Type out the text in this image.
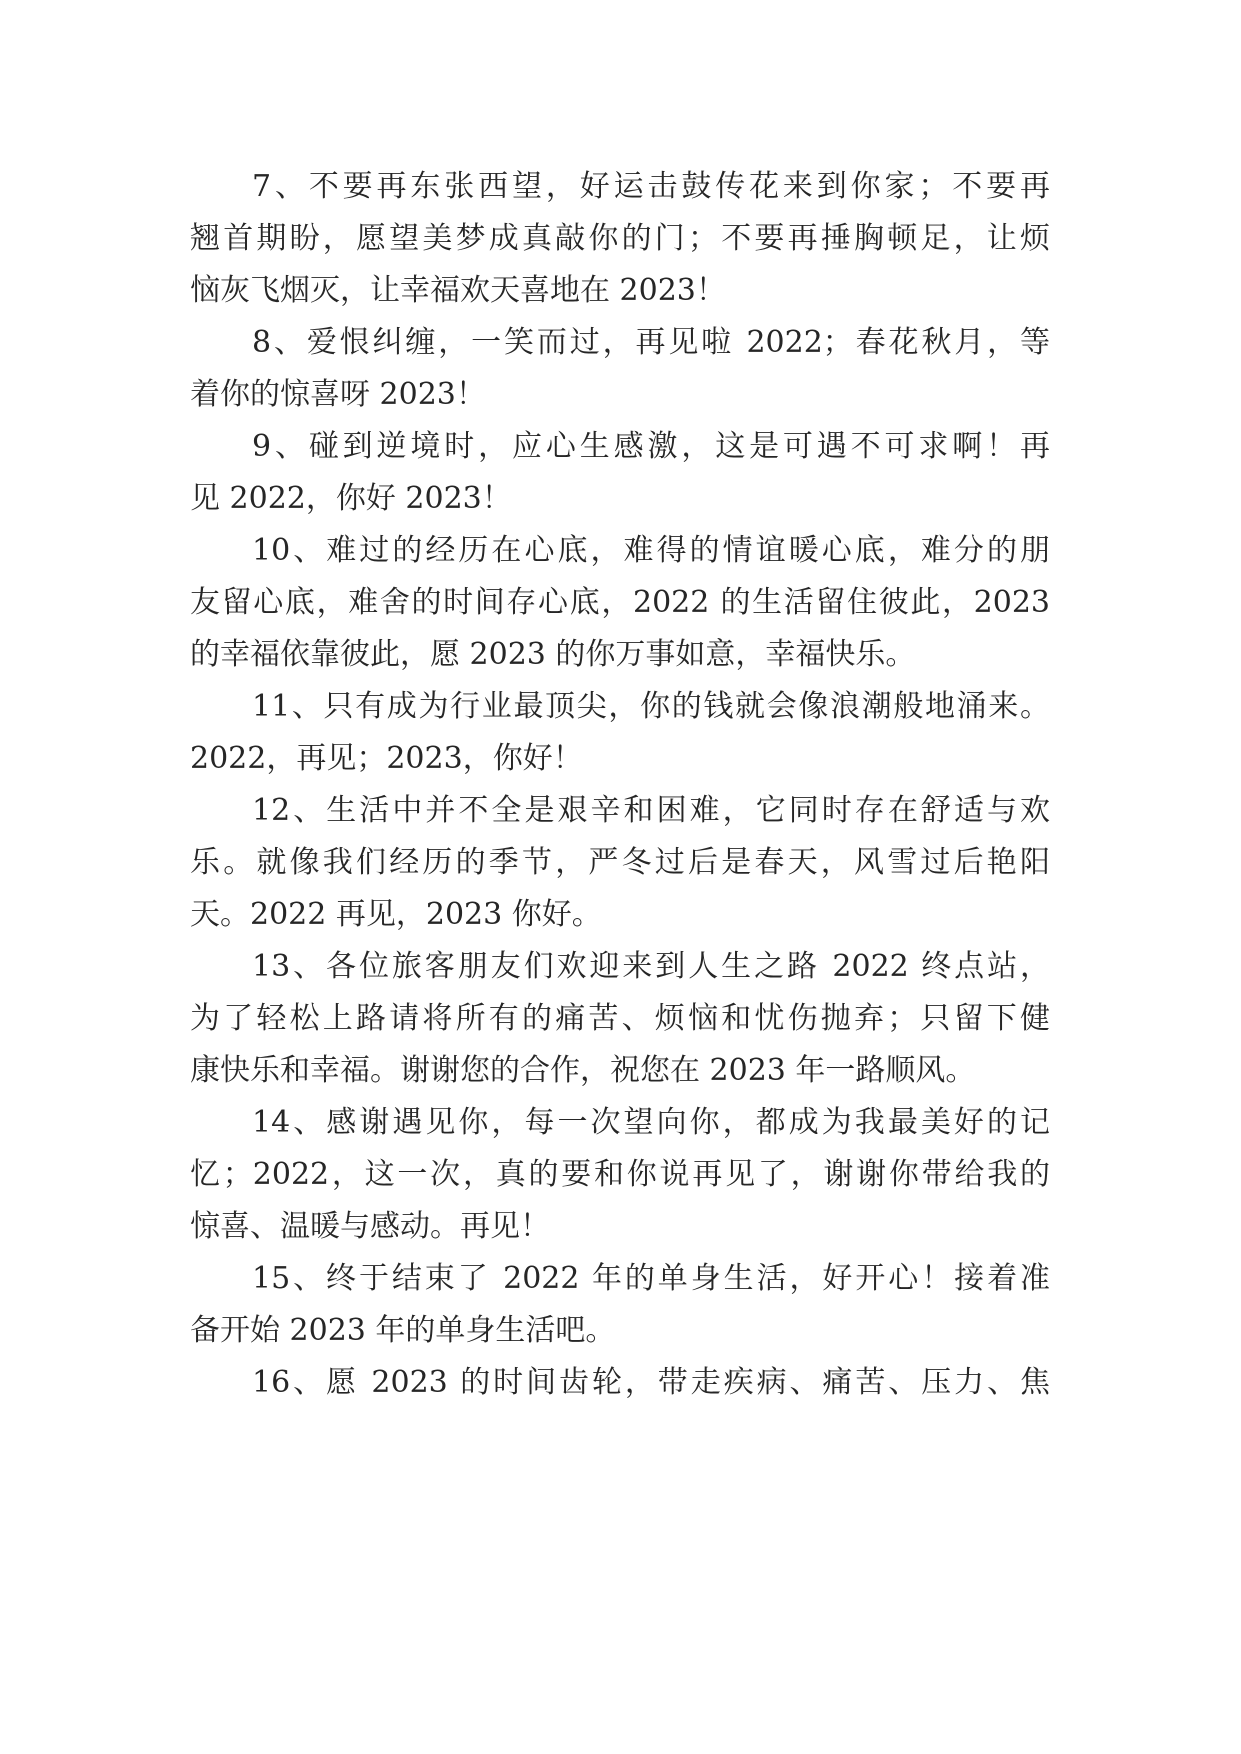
7、不要再东张西望，好运击鼓传花来到你家；不要再
翘首期盼，愿望美梦成真敲你的门；不要再捶胸顿足，让烦
恼灰飞烟灭，让幸福欢天喜地在 2023！
8、爱恨纠缠，一笑而过，再见啦 2022；春花秋月，等
着你的惊喜呀 2023！
9、碰到逆境时，应心生感激，这是可遇不可求啊！再
见 2022，你好 2023！
10、难过的经历在心底，难得的情谊暖心底，难分的朋
友留心底，难舍的时间存心底，2022 的生活留住彼此，2023
的幸福依靠彼此，愿 2023 的你万事如意，幸福快乐。
11、只有成为行业最顶尖，你的钱就会像浪潮般地涌来。
2022，再见；2023，你好！
12、生活中并不全是艰辛和困难，它同时存在舒适与欢
乐。就像我们经历的季节，严冬过后是春天，风雪过后艳阳
天。2022 再见，2023 你好。
13、各位旅客朋友们欢迎来到人生之路 2022 终点站，
为了轻松上路请将所有的痛苦、烦恼和忧伤抛弃；只留下健
康快乐和幸福。谢谢您的合作，祝您在 2023 年一路顺风。
14、感谢遇见你，每一次望向你，都成为我最美好的记
忆；2022，这一次，真的要和你说再见了，谢谢你带给我的
惊喜、温暖与感动。再见！
15、终于结束了 2022 年的单身生活，好开心！接着准
备开始 2023 年的单身生活吧。
16、愿 2023 的时间齿轮，带走疾病、痛苦、压力、焦
